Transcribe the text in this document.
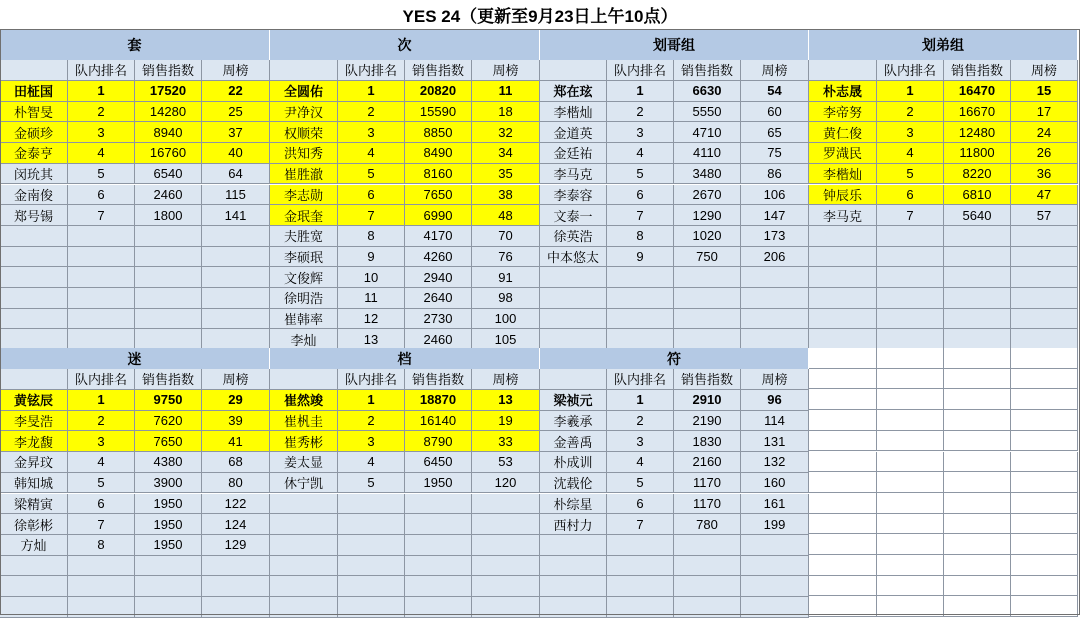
YES 24（更新至9月23日上午10点）
套
队内排名	销售指数	周榜
田柾国	1	17520	22
朴智旻	2	14280	25
金硕珍	3	8940	37
金泰亨	4	16760	40
闵玧其	5	6540	64
金南俊	6	2460	115
郑号锡	7	1800	141
次
队内排名	销售指数	周榜
全圆佑	1	20820	11
尹净汉	2	15590	18
权顺荣	3	8850	32
洪知秀	4	8490	34
崔胜澈	5	8160	35
李志勋	6	7650	38
金珉奎	7	6990	48
夫胜宽	8	4170	70
李硕珉	9	4260	76
文俊辉	10	2940	91
徐明浩	11	2640	98
崔韩率	12	2730	100
李灿	13	2460	105
划哥组
队内排名	销售指数	周榜
郑在玹	1	6630	54
李楷灿	2	5550	60
金道英	3	4710	65
金廷祐	4	4110	75
李马克	5	3480	86
李泰容	6	2670	106
文泰一	7	1290	147
徐英浩	8	1020	173
中本悠太	9	750	206
划弟组
队内排名	销售指数	周榜
朴志晟	1	16470	15
李帝努	2	16670	17
黄仁俊	3	12480	24
罗渽民	4	11800	26
李楷灿	5	8220	36
钟辰乐	6	6810	47
李马克	7	5640	57
迷
队内排名	销售指数	周榜
黄铉辰	1	9750	29
李旻浩	2	7620	39
李龙馥	3	7650	41
金昇玟	4	4380	68
韩知城	5	3900	80
梁精寅	6	1950	122
徐彰彬	7	1950	124
方灿	8	1950	129
档
队内排名	销售指数	周榜
崔然竣	1	18870	13
崔杋圭	2	16140	19
崔秀彬	3	8790	33
姜太显	4	6450	53
休宁凯	5	1950	120
符
队内排名	销售指数	周榜
梁祯元	1	2910	96
李羲承	2	2190	114
金善禹	3	1830	131
朴成训	4	2160	132
沈载伦	5	1170	160
朴综星	6	1170	161
西村力	7	780	199
